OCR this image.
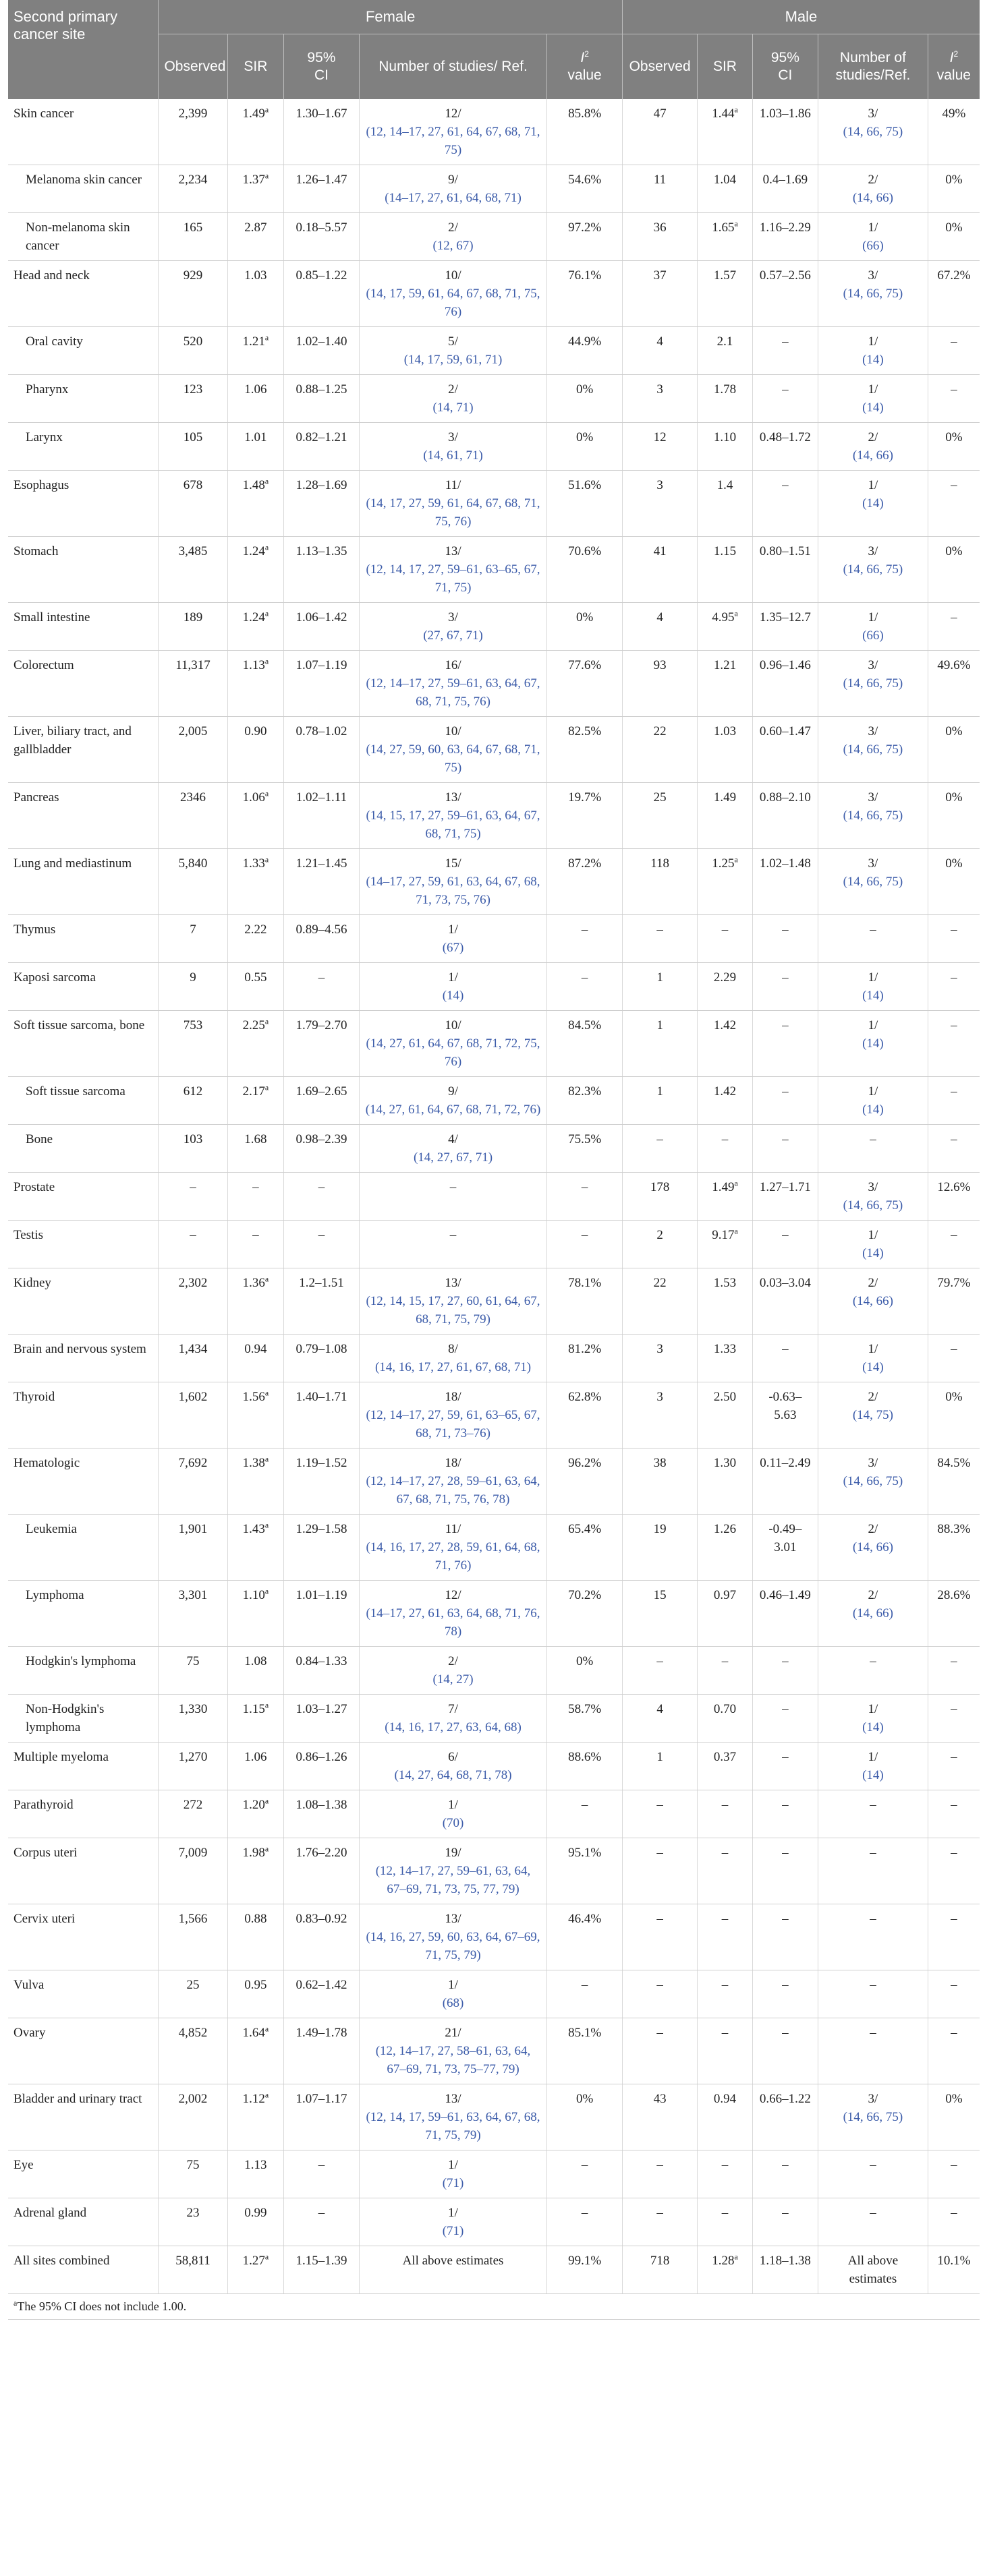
Second primary cancer site	Female					Male				
	Observed	SIR	95%
CI	Number of studies/ Ref.	$I^2$
value	Observed	SIR	95%
CI	Number of studies/Ref.	$I^2$
value
Skin cancer	2,399	1.49$^a$	1.30–1.67	12/
(12, 14–17, 27, 61, 64, 67, 68, 71, 75)	85.8%	47	1.44$^a$	1.03–1.86	3/
(14, 66, 75)	49%
Melanoma skin cancer	2,234	1.37$^a$	1.26–1.47	9/
(14–17, 27, 61, 64, 68, 71)	54.6%	11	1.04	0.4–1.69	2/
(14, 66)	0%
Non-melanoma skin cancer	165	2.87	0.18–5.57	2/
(12, 67)	97.2%	36	1.65$^a$	1.16–2.29	1/
(66)	0%
Head and neck	929	1.03	0.85–1.22	10/
(14, 17, 59, 61, 64, 67, 68, 71, 75, 76)	76.1%	37	1.57	0.57–2.56	3/
(14, 66, 75)	67.2%
Oral cavity	520	1.21$^a$	1.02–1.40	5/
(14, 17, 59, 61, 71)	44.9%	4	2.1	–	1/
(14)	–
Pharynx	123	1.06	0.88–1.25	2/
(14, 71)	0%	3	1.78	–	1/
(14)	–
Larynx	105	1.01	0.82–1.21	3/
(14, 61, 71)	0%	12	1.10	0.48–1.72	2/
(14, 66)	0%
Esophagus	678	1.48$^a$	1.28–1.69	11/
(14, 17, 27, 59, 61, 64, 67, 68, 71, 75, 76)	51.6%	3	1.4	–	1/
(14)	–
Stomach	3,485	1.24$^a$	1.13–1.35	13/
(12, 14, 17, 27, 59–61, 63–65, 67, 71, 75)	70.6%	41	1.15	0.80–1.51	3/
(14, 66, 75)	0%
Small intestine	189	1.24$^a$	1.06–1.42	3/
(27, 67, 71)	0%	4	4.95$^a$	1.35–12.7	1/
(66)	–
Colorectum	11,317	1.13$^a$	1.07–1.19	16/
(12, 14–17, 27, 59–61, 63, 64, 67, 68, 71, 75, 76)	77.6%	93	1.21	0.96–1.46	3/
(14, 66, 75)	49.6%
Liver, biliary tract, and gallbladder	2,005	0.90	0.78–1.02	10/
(14, 27, 59, 60, 63, 64, 67, 68, 71, 75)	82.5%	22	1.03	0.60–1.47	3/
(14, 66, 75)	0%
Pancreas	2346	1.06$^a$	1.02–1.11	13/
(14, 15, 17, 27, 59–61, 63, 64, 67, 68, 71, 75)	19.7%	25	1.49	0.88–2.10	3/
(14, 66, 75)	0%
Lung and mediastinum	5,840	1.33$^a$	1.21–1.45	15/
(14–17, 27, 59, 61, 63, 64, 67, 68, 71, 73, 75, 76)	87.2%	118	1.25$^a$	1.02–1.48	3/
(14, 66, 75)	0%
Thymus	7	2.22	0.89–4.56	1/
(67)	–	–	–	–	–	–
Kaposi sarcoma	9	0.55	–	1/
(14)	–	1	2.29	–	1/
(14)	–
Soft tissue sarcoma, bone	753	2.25$^a$	1.79–2.70	10/
(14, 27, 61, 64, 67, 68, 71, 72, 75, 76)	84.5%	1	1.42	–	1/
(14)	–
Soft tissue sarcoma	612	2.17$^a$	1.69–2.65	9/
(14, 27, 61, 64, 67, 68, 71, 72, 76)	82.3%	1	1.42	–	1/
(14)	–
Bone	103	1.68	0.98–2.39	4/
(14, 27, 67, 71)	75.5%	–	–	–	–	–
Prostate	–	–	–	–	–	178	1.49$^a$	1.27–1.71	3/
(14, 66, 75)	12.6%
Testis	–	–	–	–	–	2	9.17$^a$	–	1/
(14)	–
Kidney	2,302	1.36$^a$	1.2–1.51	13/
(12, 14, 15, 17, 27, 60, 61, 64, 67, 68, 71, 75, 79)	78.1%	22	1.53	0.03–3.04	2/
(14, 66)	79.7%
Brain and nervous system	1,434	0.94	0.79–1.08	8/
(14, 16, 17, 27, 61, 67, 68, 71)	81.2%	3	1.33	–	1/
(14)	–
Thyroid	1,602	1.56$^a$	1.40–1.71	18/
(12, 14–17, 27, 59, 61, 63–65, 67, 68, 71, 73–76)	62.8%	3	2.50	-0.63–5.63	2/
(14, 75)	0%
Hematologic	7,692	1.38$^a$	1.19–1.52	18/
(12, 14–17, 27, 28, 59–61, 63, 64, 67, 68, 71, 75, 76, 78)	96.2%	38	1.30	0.11–2.49	3/
(14, 66, 75)	84.5%
Leukemia	1,901	1.43$^a$	1.29–1.58	11/
(14, 16, 17, 27, 28, 59, 61, 64, 68, 71, 76)	65.4%	19	1.26	-0.49–3.01	2/
(14, 66)	88.3%
Lymphoma	3,301	1.10$^a$	1.01–1.19	12/
(14–17, 27, 61, 63, 64, 68, 71, 76, 78)	70.2%	15	0.97	0.46–1.49	2/
(14, 66)	28.6%
Hodgkin's lymphoma	75	1.08	0.84–1.33	2/
(14, 27)	0%	–	–	–	–	–
Non-Hodgkin's lymphoma	1,330	1.15$^a$	1.03–1.27	7/
(14, 16, 17, 27, 63, 64, 68)	58.7%	4	0.70	–	1/
(14)	–
Multiple myeloma	1,270	1.06	0.86–1.26	6/
(14, 27, 64, 68, 71, 78)	88.6%	1	0.37	–	1/
(14)	–
Parathyroid	272	1.20$^a$	1.08–1.38	1/
(70)	–	–	–	–	–	–
Corpus uteri	7,009	1.98$^a$	1.76–2.20	19/
(12, 14–17, 27, 59–61, 63, 64, 67–69, 71, 73, 75, 77, 79)	95.1%	–	–	–	–	–
Cervix uteri	1,566	0.88	0.83–0.92	13/
(14, 16, 27, 59, 60, 63, 64, 67–69, 71, 75, 79)	46.4%	–	–	–	–	–
Vulva	25	0.95	0.62–1.42	1/
(68)	–	–	–	–	–	–
Ovary	4,852	1.64$^a$	1.49–1.78	21/
(12, 14–17, 27, 58–61, 63, 64, 67–69, 71, 73, 75–77, 79)	85.1%	–	–	–	–	–
Bladder and urinary tract	2,002	1.12$^a$	1.07–1.17	13/
(12, 14, 17, 59–61, 63, 64, 67, 68, 71, 75, 79)	0%	43	0.94	0.66–1.22	3/
(14, 66, 75)	0%
Eye	75	1.13	–	1/
(71)	–	–	–	–	–	–
Adrenal gland	23	0.99	–	1/
(71)	–	–	–	–	–	–
All sites combined	58,811	1.27$^a$	1.15–1.39	All above estimates	99.1%	718	1.28$^a$	1.18–1.38	All above estimates	10.1%
$^a$The 95% CI does not include 1.00.
